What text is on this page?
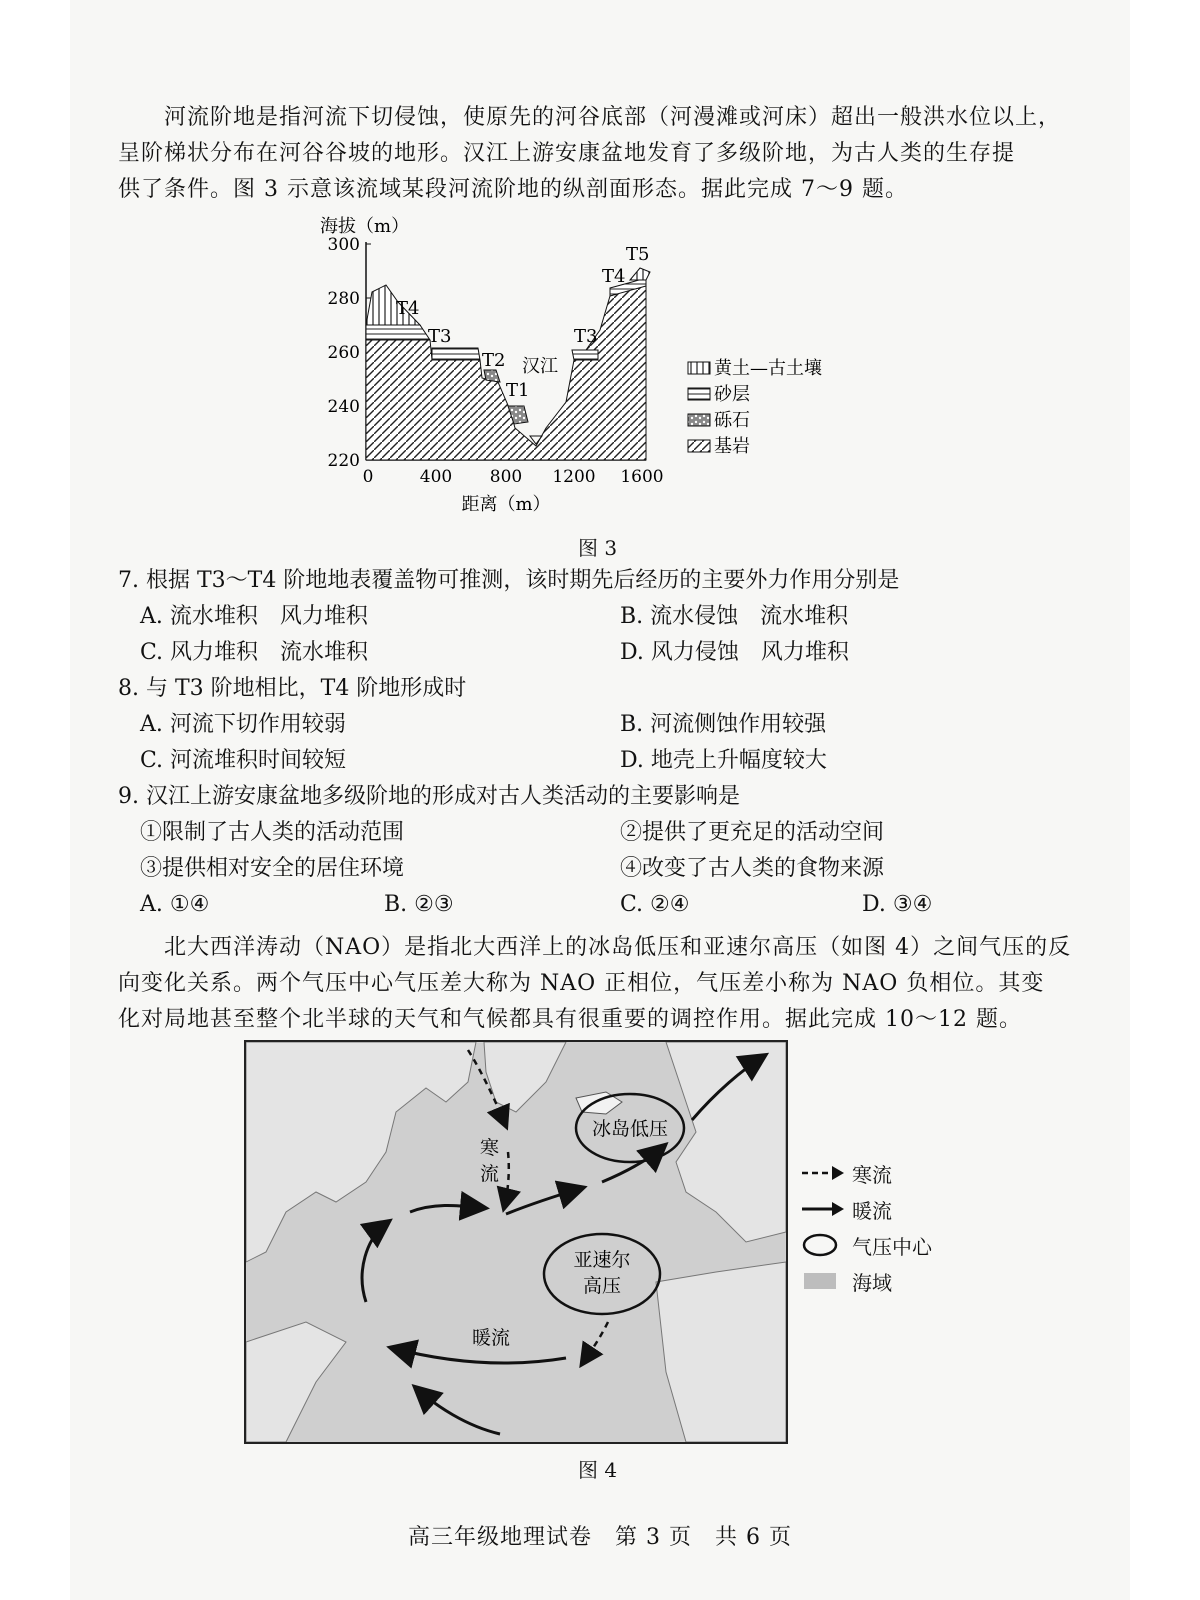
河流阶地是指河流下切侵蚀，使原先的河谷底部（河漫滩或河床）超出一般洪水位以上，

呈阶梯状分布在河谷谷坡的地形。汉江上游安康盆地发育了多级阶地，为古人类的生存提

供了条件。图 3 示意该流域某段河流阶地的纵剖面形态。据此完成 7～9 题。

海拔（m）
300
280
260
240
220
0	400 800 1200 1600
距离（m）
T4
T3
T2
T1
T3
T4
T5
汉江	黄土—古土壤
砂层
砾石
基岩
图 3
7. 根据 T3～T4 阶地地表覆盖物可推测，该时期先后经历的主要外力作用分别是
A. 流水堆积　风力堆积	B. 流水侵蚀　流水堆积
C. 风力堆积　流水堆积	D. 风力侵蚀　风力堆积
8. 与 T3 阶地相比，T4 阶地形成时
A. 河流下切作用较弱	B. 河流侧蚀作用较强
C. 河流堆积时间较短	D. 地壳上升幅度较大
9. 汉江上游安康盆地多级阶地的形成对古人类活动的主要影响是
①限制了古人类的活动范围	②提供了更充足的活动空间
③提供相对安全的居住环境	④改变了古人类的食物来源
A. ①④	B. ②③	C. ②④	D. ③④

北大西洋涛动（NAO）是指北大西洋上的冰岛低压和亚速尔高压（如图 4）之间气压的反

向变化关系。两个气压中心气压差大称为 NAO 正相位，气压差小称为 NAO 负相位。其变

化对局地甚至整个北半球的天气和气候都具有很重要的调控作用。据此完成 10～12 题。

冰岛低压
亚速尔
高压
寒
流
暖流
寒流
暖流
气压中心
海域
图 4
高三年级地理试卷　第 3 页　共 6 页
